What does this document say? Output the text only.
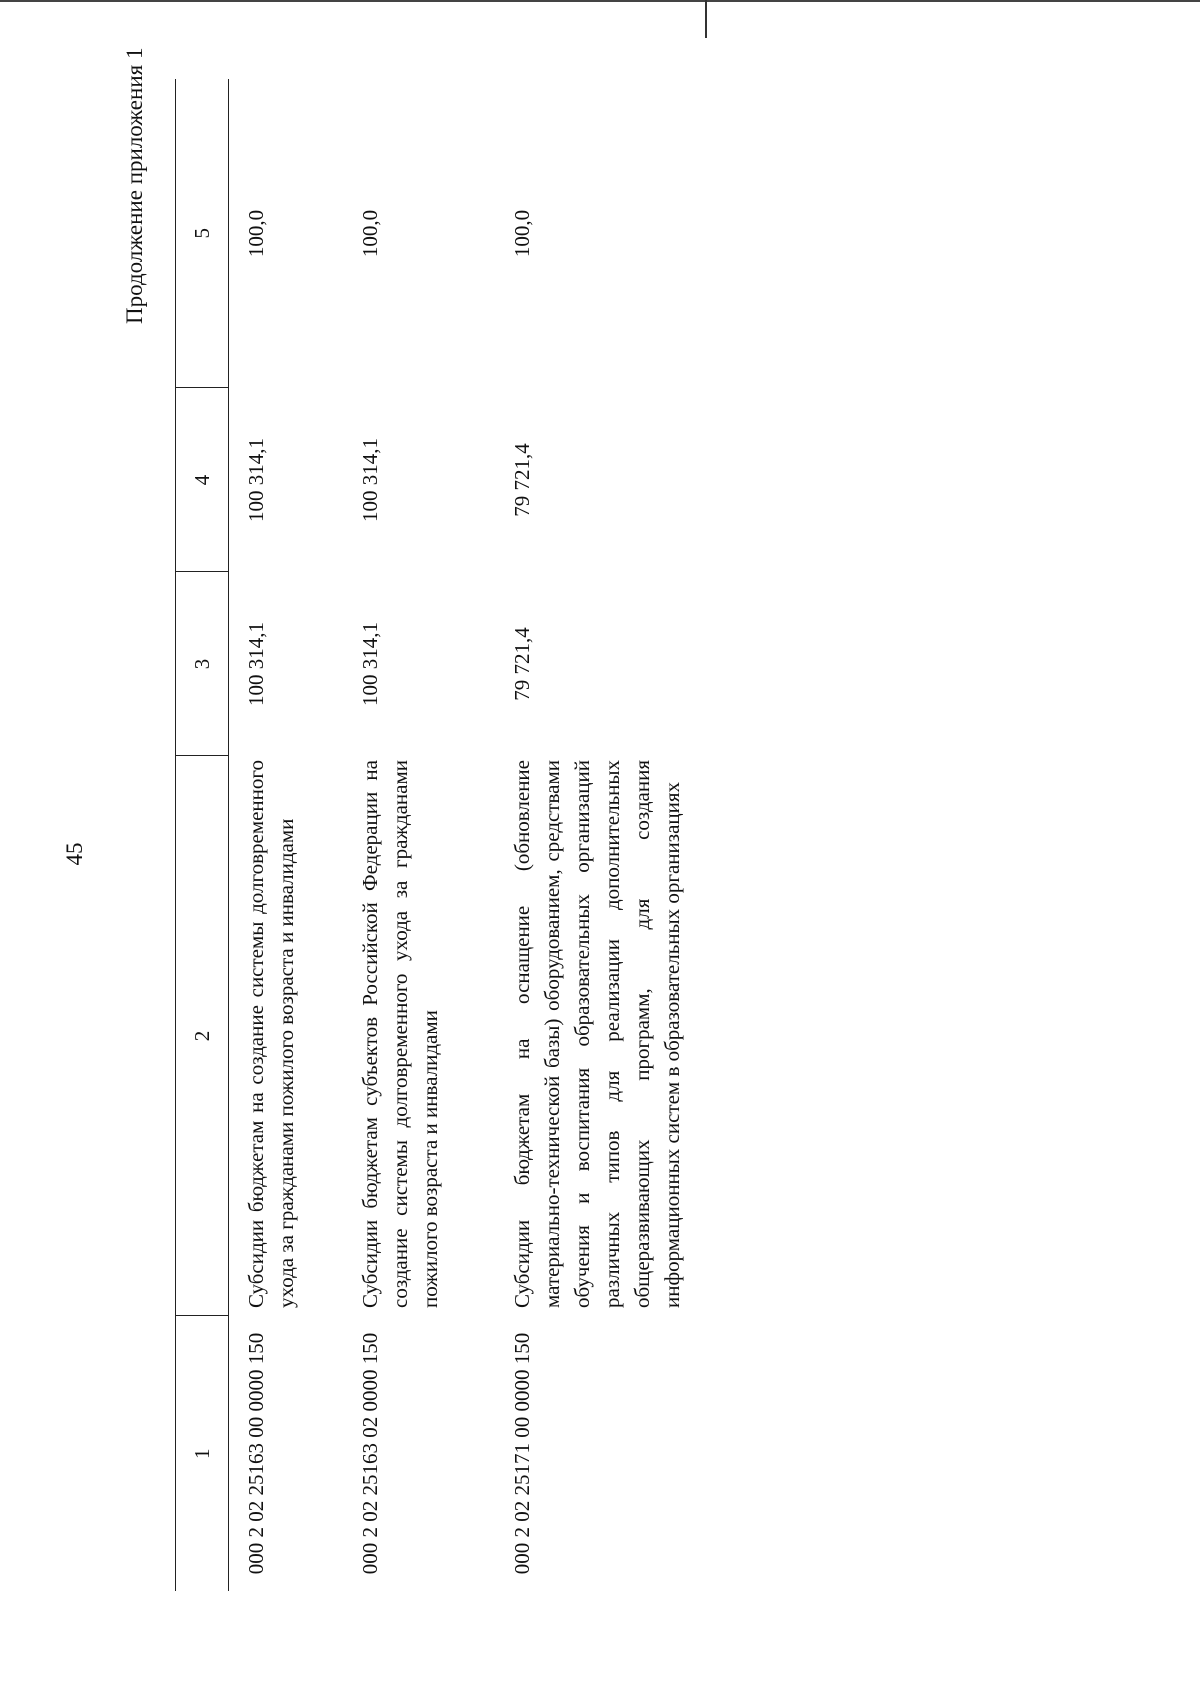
45
Продолжение приложения 1
1	2	3	4	5
000 2 02 25163 00 0000 150	Субсидии бюджетам на создание системы долговременного ухода за гражданами пожилого возраста и инвалидами	100 314,1	100 314,1	100,0
000 2 02 25163 02 0000 150	Субсидии бюджетам субъектов Российской Федерации на создание системы долговременного ухода за гражданами пожилого возраста и инвалидами	100 314,1	100 314,1	100,0
000 2 02 25171 00 0000 150	Субсидии бюджетам на оснащение (обновление материально-технической базы) оборудованием, средствами обучения и воспитания образовательных организаций различных типов для реализации дополнительных общеразвивающих программ, для создания информационных систем в образовательных организациях	79 721,4	79 721,4	100,0
